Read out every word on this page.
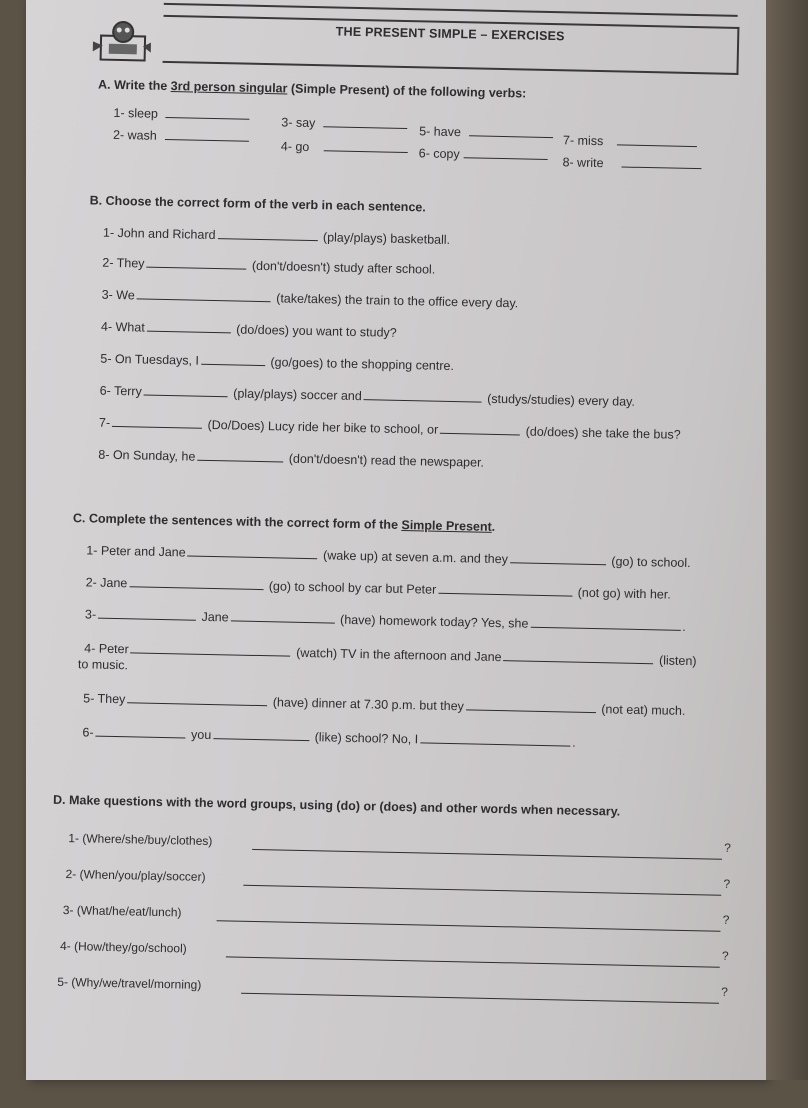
THE PRESENT SIMPLE – EXERCISES
A. Write the 3rd person singular (Simple Present) of the following verbs:
1- sleep
2- wash
3- say
4- go
5- have
6- copy
7- miss
8- write
B. Choose the correct form of the verb in each sentence.
1- John and Richard	(play/plays) basketball.
2- They	(don't/doesn't) study after school.
3- We	(take/takes) the train to the office every day.
4- What	(do/does) you want to study?
5- On Tuesdays, I	(go/goes) to the shopping centre.
6- Terry	(play/plays) soccer and	(studys/studies) every day.
7-	(Do/Does) Lucy ride her bike to school, or	(do/does) she take the bus?
8- On Sunday, he	(don't/doesn't) read the newspaper.
C. Complete the sentences with the correct form of the Simple Present.
1- Peter and Jane	(wake up) at seven a.m. and they	(go) to school.
2- Jane	(go) to school by car but Peter	(not go) with her.
3-	Jane	(have) homework today? Yes, she	.
4- Peter	(watch) TV in the afternoon and Jane	(listen)
to music.
5- They	(have) dinner at 7.30 p.m. but they	(not eat) much.
6-	you	(like) school? No, I	.
D. Make questions with the word groups, using (do) or (does) and other words when necessary.
1- (Where/she/buy/clothes)	?
2- (When/you/play/soccer)	?
3- (What/he/eat/lunch)
?
4- (How/they/go/school)
?
5- (Why/we/travel/morning)	?
